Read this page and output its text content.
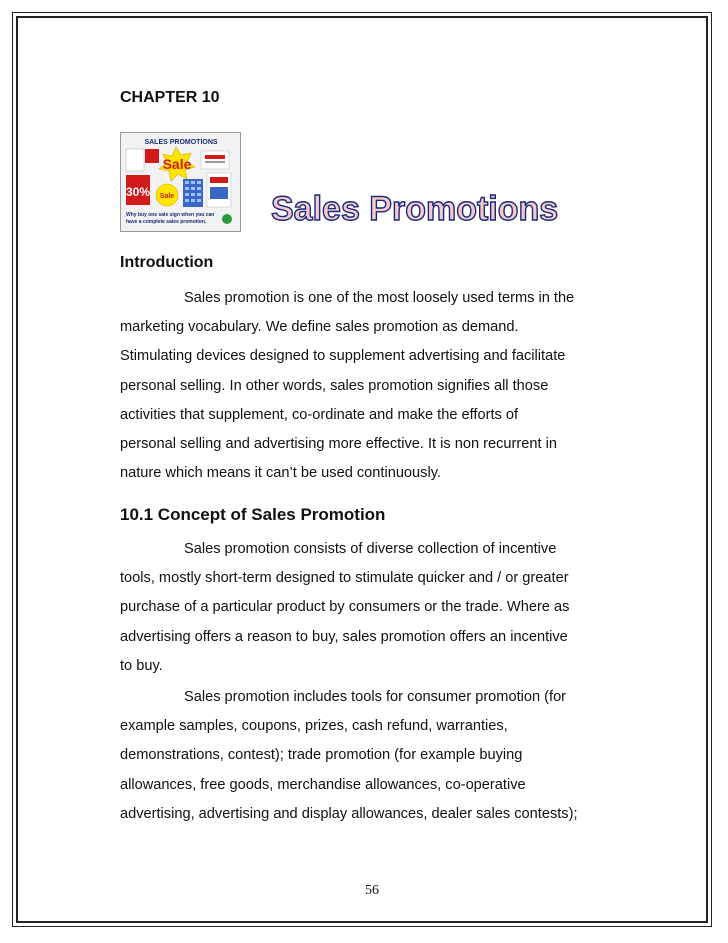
CHAPTER 10
SALES PROMOTIONS
Sale
30% Sale
Why buy one sale sign when you can
have a complete sales promotion. Sales Promotions
Introduction
Sales promotion is one of the most loosely used terms in the
marketing vocabulary. We define sales promotion as demand.
Stimulating devices designed to supplement advertising and facilitate
personal selling. In other words, sales promotion signifies all those
activities that supplement, co-ordinate and make the efforts of
personal selling and advertising more effective. It is non recurrent in
nature which means it can’t be used continuously.
10.1 Concept of Sales Promotion
Sales promotion consists of diverse collection of incentive
tools, mostly short-term designed to stimulate quicker and / or greater
purchase of a particular product by consumers or the trade. Where as
advertising offers a reason to buy, sales promotion offers an incentive
to buy.
Sales promotion includes tools for consumer promotion (for
example samples, coupons, prizes, cash refund, warranties,
demonstrations, contest); trade promotion (for example buying
allowances, free goods, merchandise allowances, co-operative
advertising, advertising and display allowances, dealer sales contests);
56
